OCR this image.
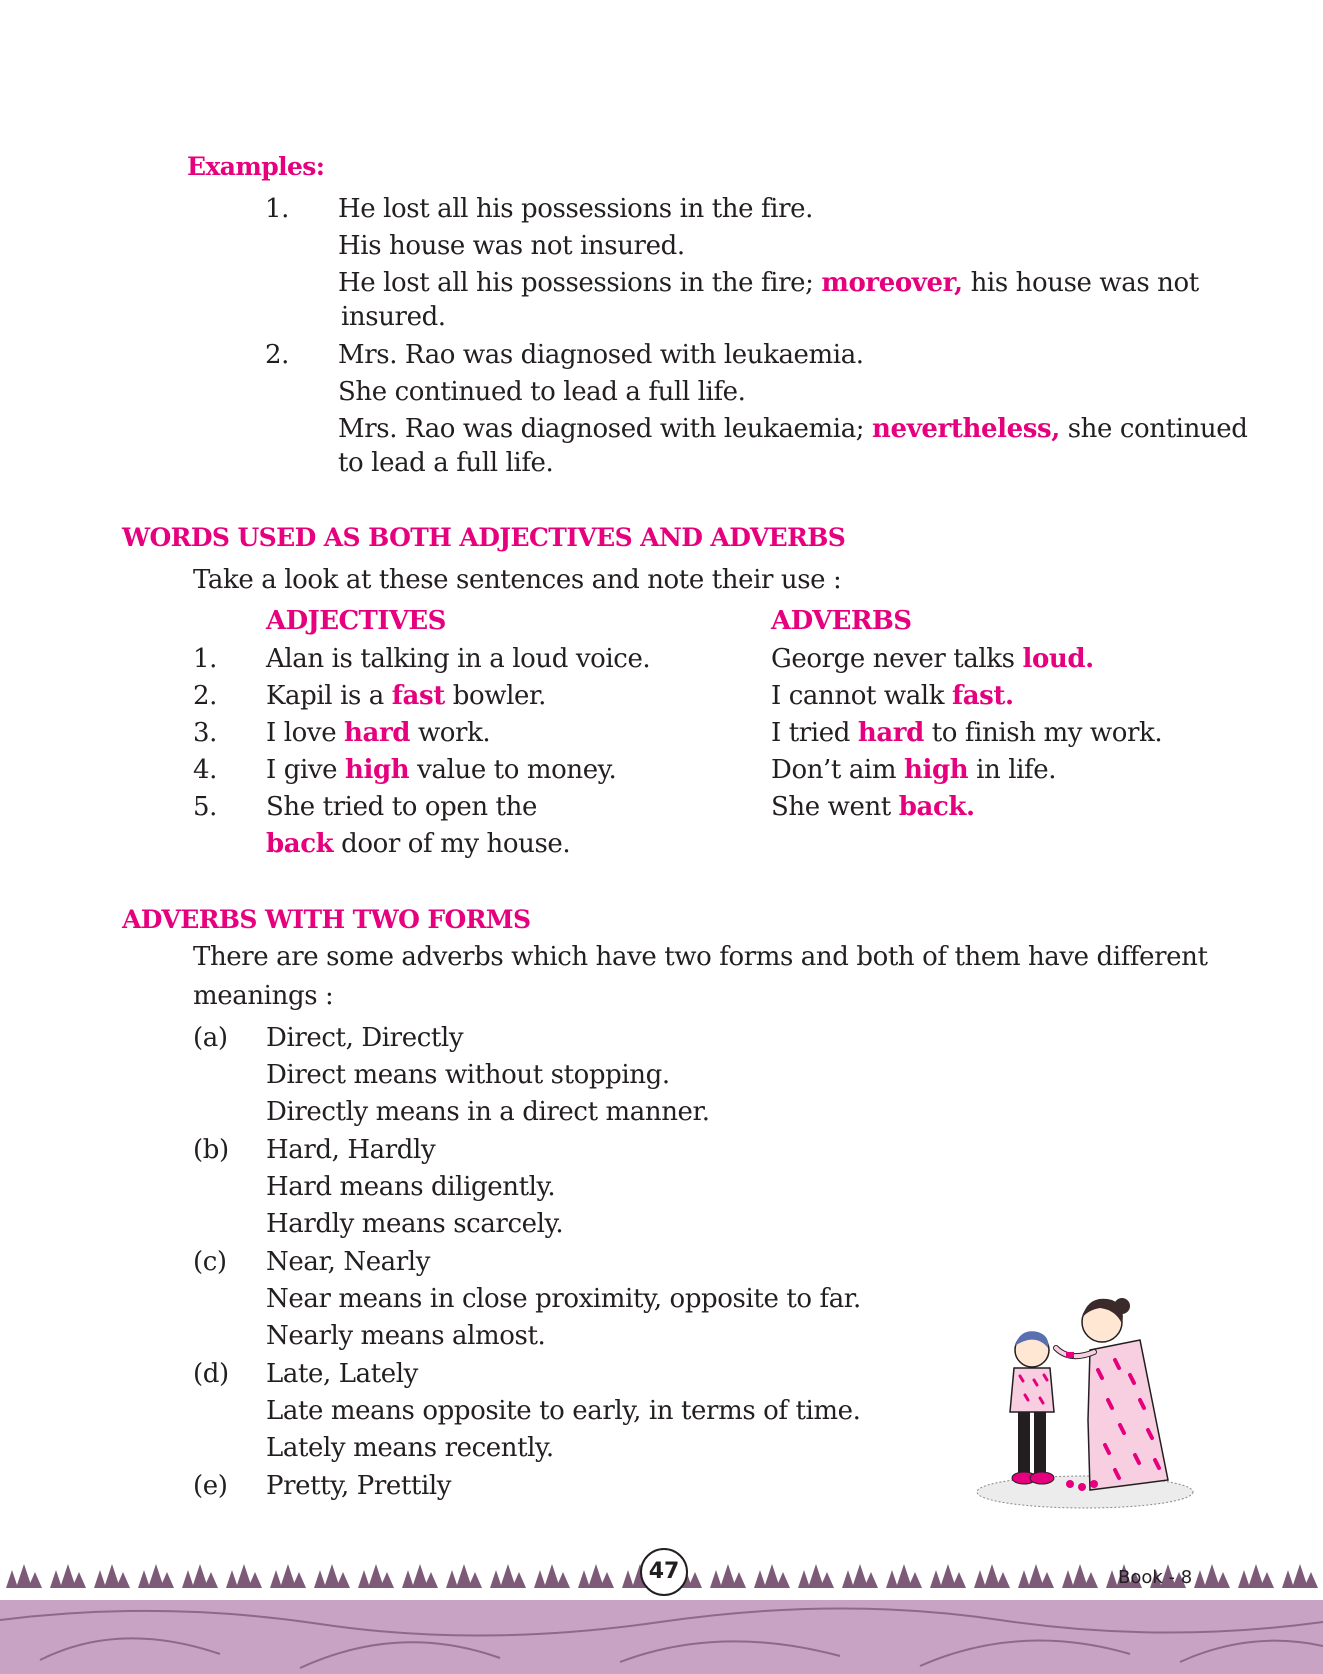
Examples:
1. He lost all his possessions in the fire.
His house was not insured.
He lost all his possessions in the fire; moreover, his house was not
insured.
2. Mrs. Rao was diagnosed with leukaemia.
She continued to lead a full life.
Mrs. Rao was diagnosed with leukaemia; nevertheless, she continued
to lead a full life.
WORDS USED AS BOTH ADJECTIVES AND ADVERBS
Take a look at these sentences and note their use :
ADJECTIVES	ADVERBS
1. Alan is talking in a loud voice.	George never talks loud.
2. Kapil is a fast bowler.	I cannot walk fast.
3. I love hard work.	I tried hard to finish my work.
4. I give high value to money.	Don’t aim high in life.
5. She tried to open the	She went back.
back door of my house.
ADVERBS WITH TWO FORMS
There are some adverbs which have two forms and both of them have different
meanings :
(a) Direct, Directly
Direct means without stopping.
Directly means in a direct manner.
(b) Hard, Hardly
Hard means diligently.
Hardly means scarcely.
(c) Near, Nearly
Near means in close proximity, opposite to far.
Nearly means almost.
(d) Late, Lately
Late means opposite to early, in terms of time.
Lately means recently.
(e) Pretty, Prettily
47	Book - 8
